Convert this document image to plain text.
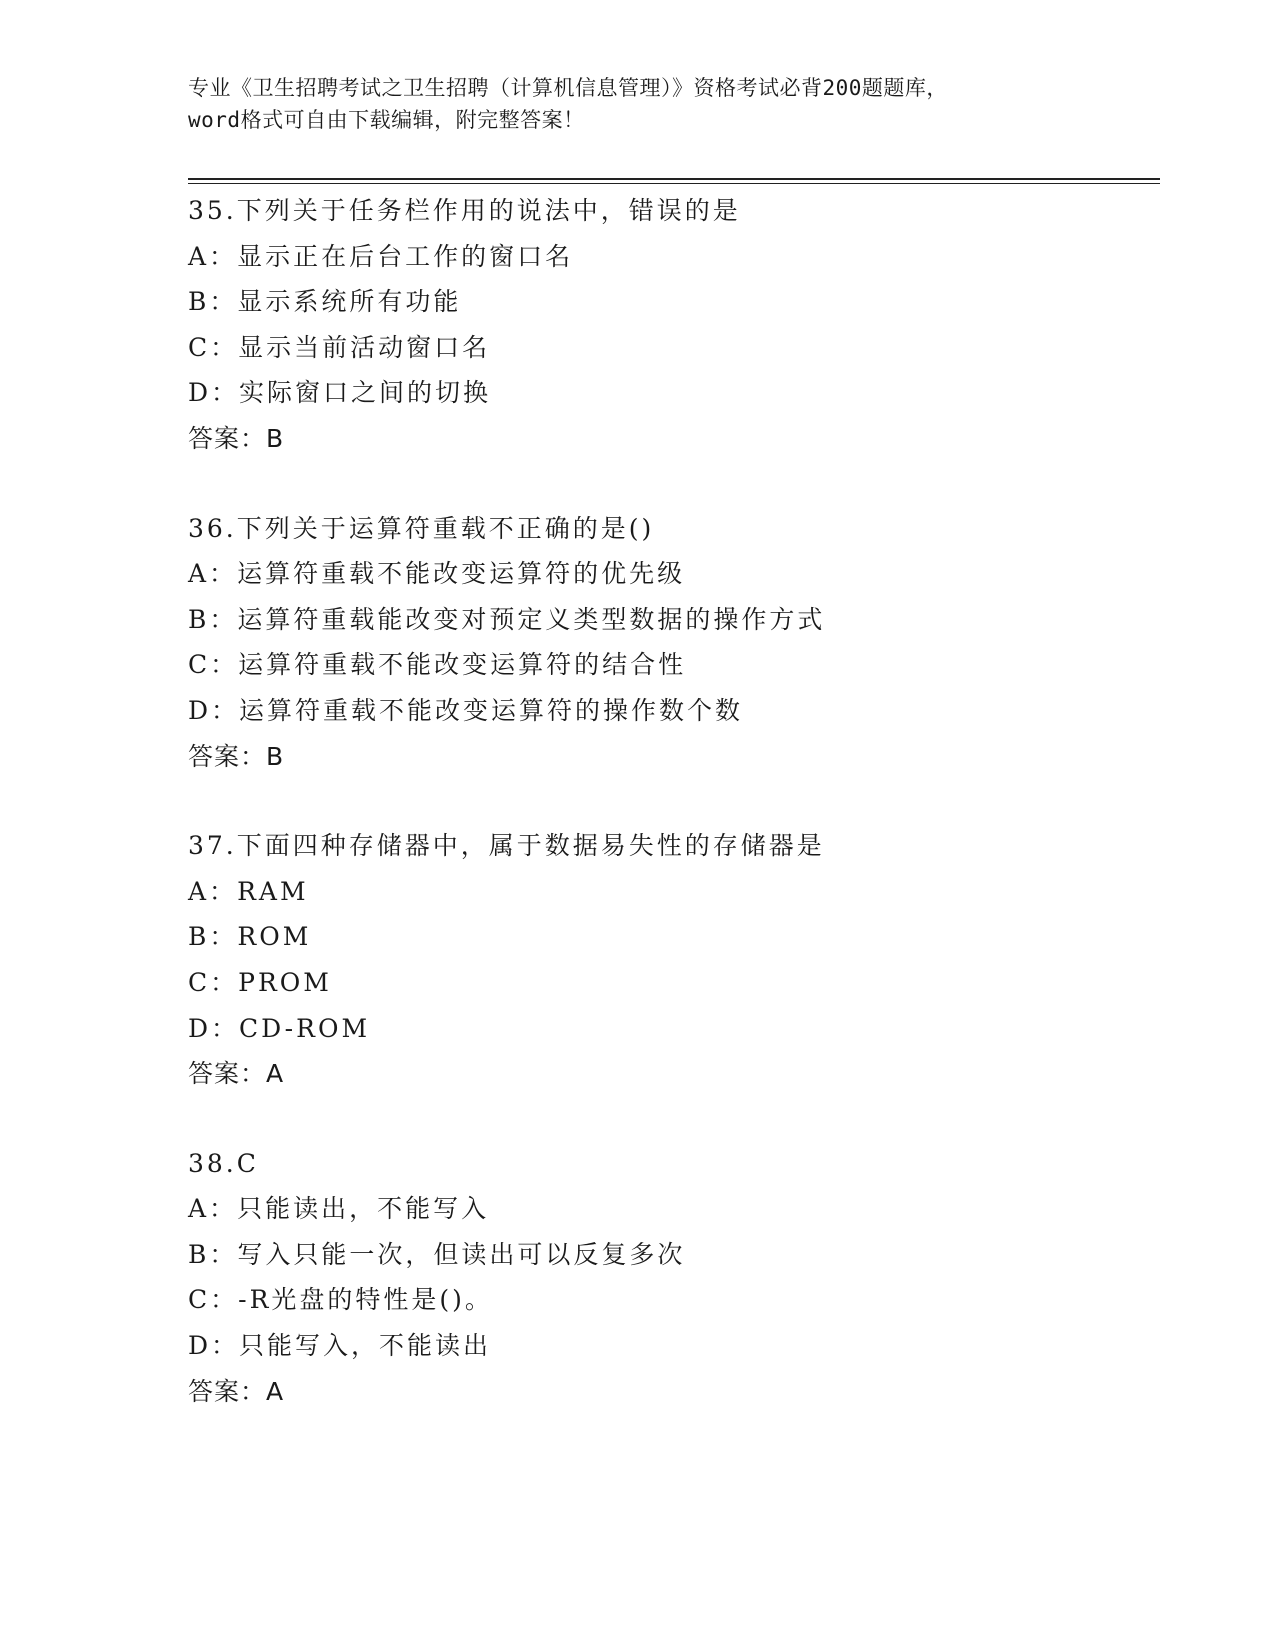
专业《卫生招聘考试之卫生招聘（计算机信息管理）》资格考试必背200题题库，
word格式可自由下载编辑，附完整答案！
35.下列关于任务栏作用的说法中，错误的是
A：显示正在后台工作的窗口名
B：显示系统所有功能
C：显示当前活动窗口名
D：实际窗口之间的切换
答案：B
36.下列关于运算符重载不正确的是()
A：运算符重载不能改变运算符的优先级
B：运算符重载能改变对预定义类型数据的操作方式
C：运算符重载不能改变运算符的结合性
D：运算符重载不能改变运算符的操作数个数
答案：B
37.下面四种存储器中，属于数据易失性的存储器是
A：RAM
B：ROM
C：PROM
D：CD-ROM
答案：A
38.C
A：只能读出，不能写入
B：写入只能一次，但读出可以反复多次
C：-R光盘的特性是()。
D：只能写入，不能读出
答案：A
